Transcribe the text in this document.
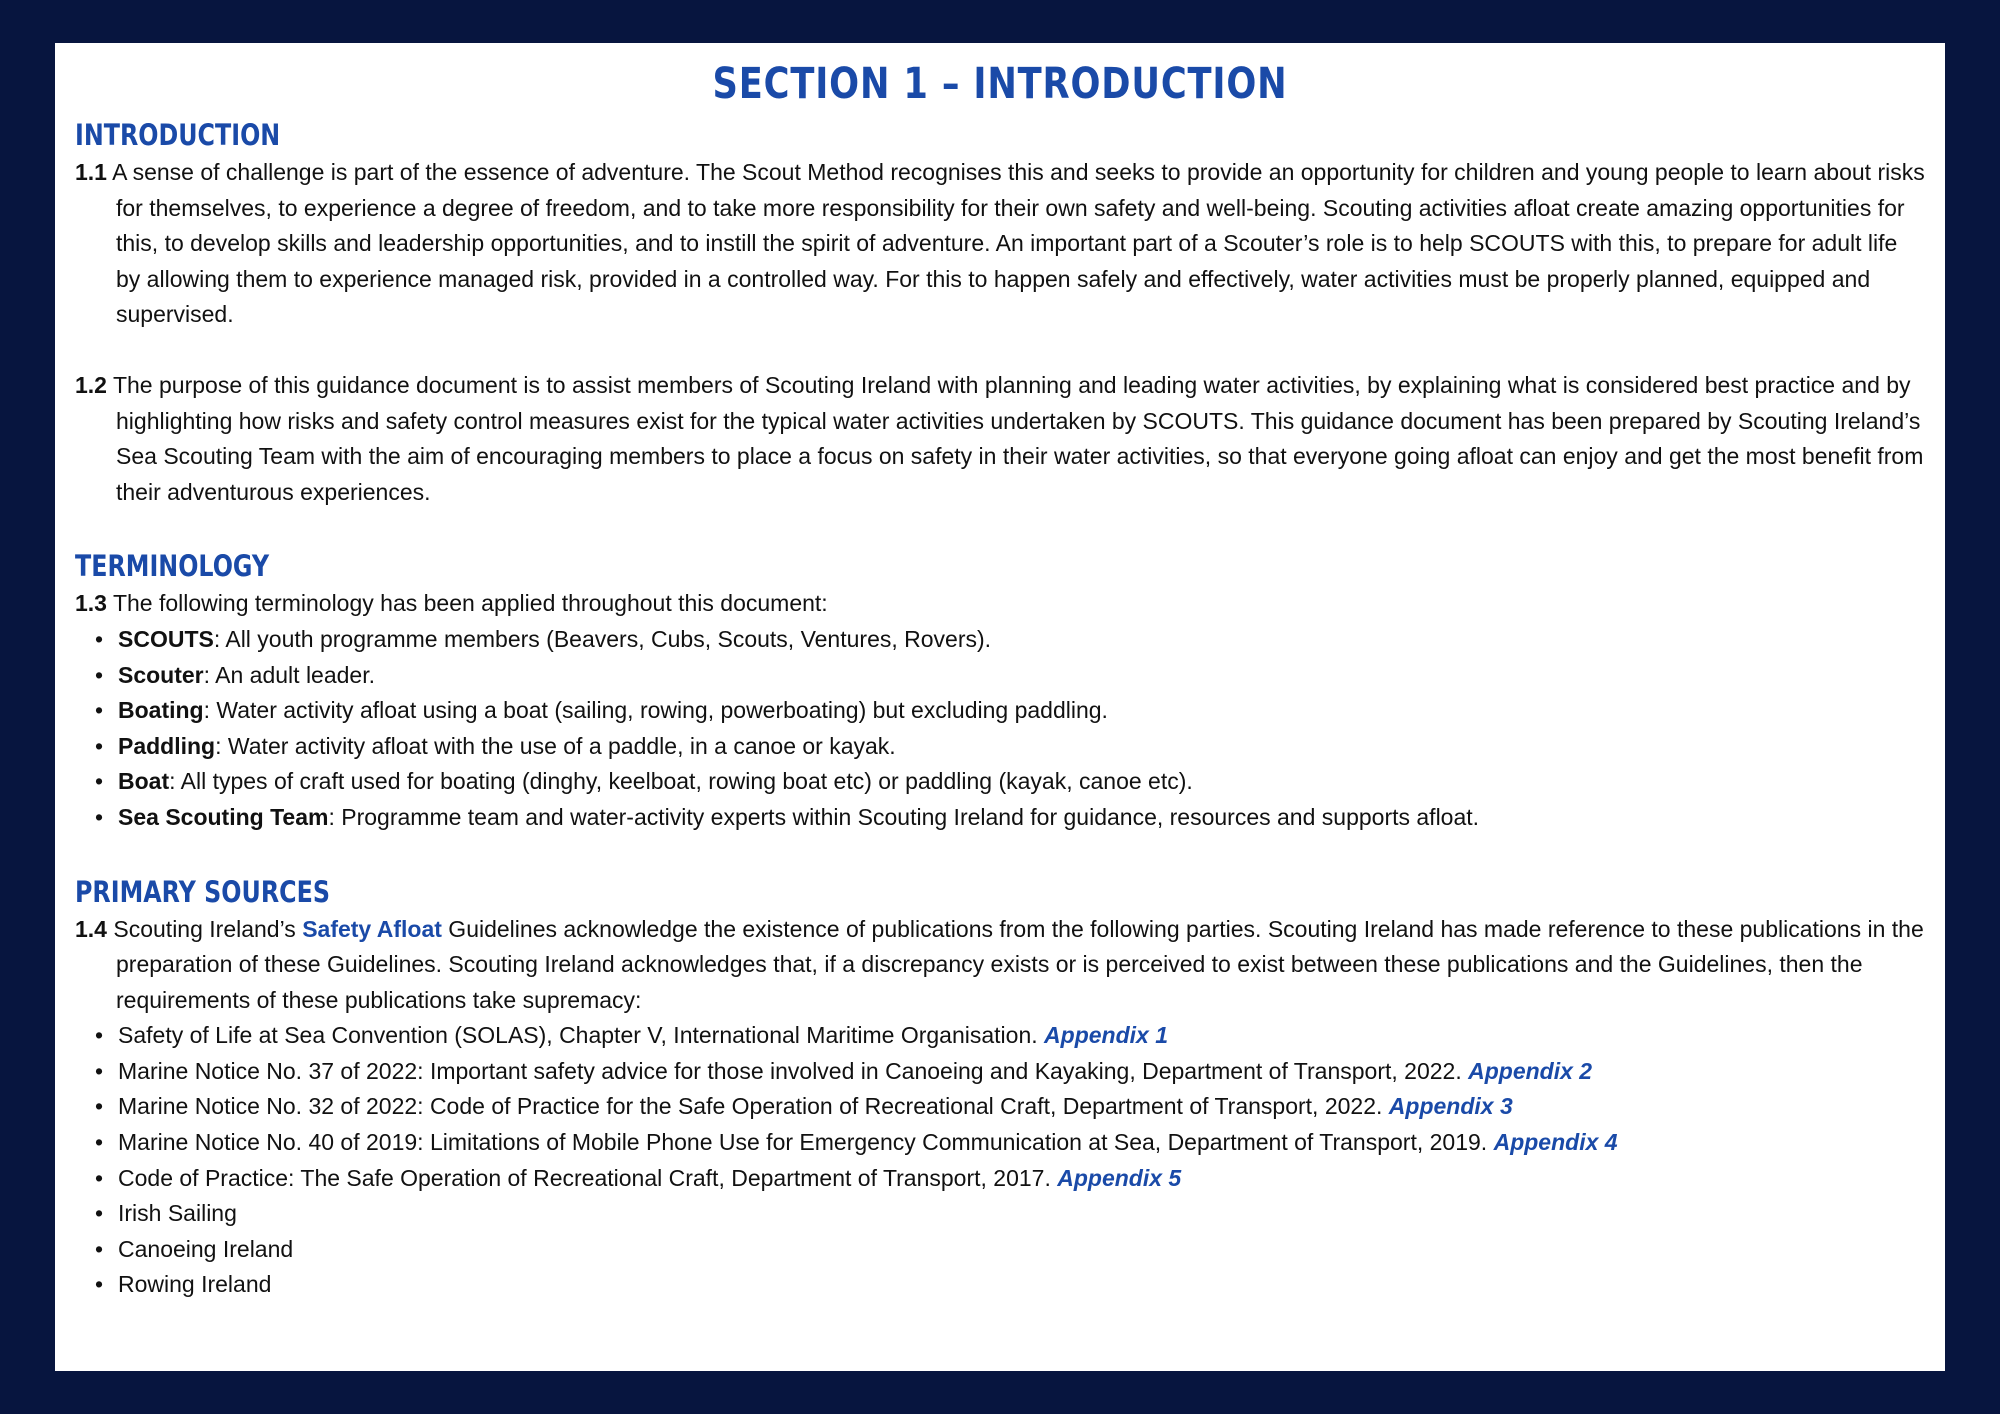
SECTION 1 – INTRODUCTION
INTRODUCTION

1.1 A sense of challenge is part of the essence of adventure. The Scout Method recognises this and seeks to provide an opportunity for children and young people to learn about risks for themselves, to experience a degree of freedom, and to take more responsibility for their own safety and well-being. Scouting activities afloat create amazing opportunities for this, to develop skills and leadership opportunities, and to instill the spirit of adventure. An important part of a Scouter’s role is to help SCOUTS with this, to prepare for adult life by allowing them to experience managed risk, provided in a controlled way. For this to happen safely and effectively, water activities must be properly planned, equipped and supervised.

1.2 The purpose of this guidance document is to assist members of Scouting Ireland with planning and leading water activities, by explaining what is considered best practice and by highlighting how risks and safety control measures exist for the typical water activities undertaken by SCOUTS. This guidance document has been prepared by Scouting Ireland’s Sea Scouting Team with the aim of encouraging members to place a focus on safety in their water activities, so that everyone going afloat can enjoy and get the most benefit from their adventurous experiences.

TERMINOLOGY

1.3 The following terminology has been applied throughout this document:

• SCOUTS: All youth programme members (Beavers, Cubs, Scouts, Ventures, Rovers).
• Scouter: An adult leader.
• Boating: Water activity afloat using a boat (sailing, rowing, powerboating) but excluding paddling.
• Paddling: Water activity afloat with the use of a paddle, in a canoe or kayak.
• Boat: All types of craft used for boating (dinghy, keelboat, rowing boat etc) or paddling (kayak, canoe etc).
• Sea Scouting Team: Programme team and water-activity experts within Scouting Ireland for guidance, resources and supports afloat.
PRIMARY SOURCES

1.4 Scouting Ireland’s Safety Afloat Guidelines acknowledge the existence of publications from the following parties. Scouting Ireland has made reference to these publications in the preparation of these Guidelines. Scouting Ireland acknowledges that, if a discrepancy exists or is perceived to exist between these publications and the Guidelines, then the requirements of these publications take supremacy:

• Safety of Life at Sea Convention (SOLAS), Chapter V, International Maritime Organisation. Appendix 1
• Marine Notice No. 37 of 2022: Important safety advice for those involved in Canoeing and Kayaking, Department of Transport, 2022. Appendix 2
• Marine Notice No. 32 of 2022: Code of Practice for the Safe Operation of Recreational Craft, Department of Transport, 2022. Appendix 3
• Marine Notice No. 40 of 2019: Limitations of Mobile Phone Use for Emergency Communication at Sea, Department of Transport, 2019. Appendix 4
• Code of Practice: The Safe Operation of Recreational Craft, Department of Transport, 2017. Appendix 5
• Irish Sailing
• Canoeing Ireland
• Rowing Ireland
